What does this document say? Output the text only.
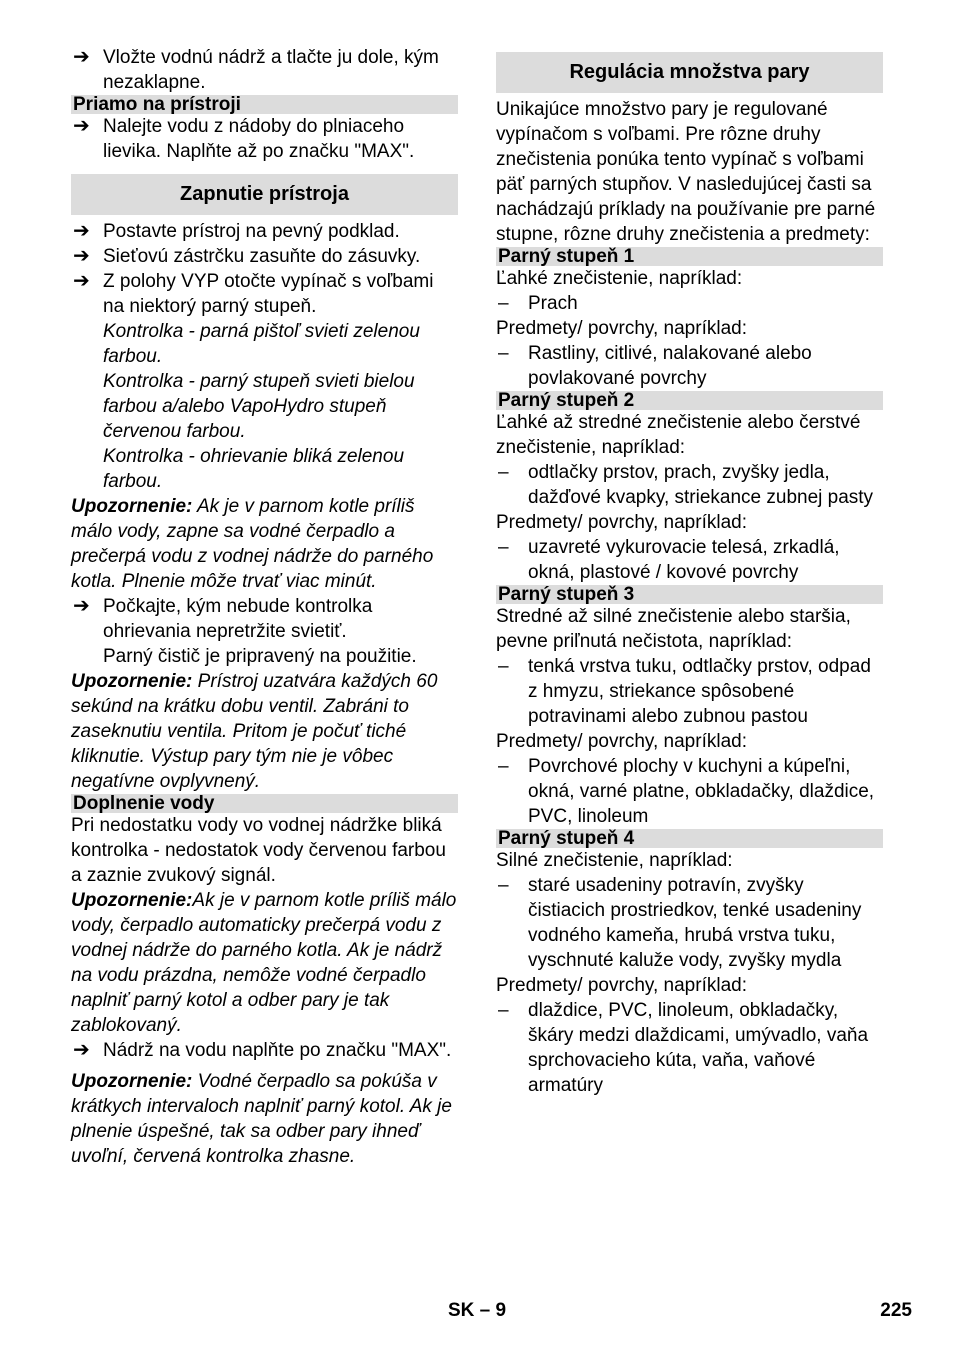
➔ Vložte vodnú nádrž a tlačte ju dole, kým nezaklapne.

Priamo na prístroji

➔ Nalejte vodu z nádoby do plniaceho lievika. Naplňte až po značku "MAX".

Zapnutie prístroja

➔ Postavte prístroj na pevný podklad.

➔ Sieťovú zástrčku zasuňte do zásuvky.

➔ Z polohy VYP otočte vypínač s voľbami na niektorý parný stupeň.

Kontrolka - parná pištoľ svieti zelenou farbou.

Kontrolka - parný stupeň svieti bielou farbou a/alebo VapoHydro stupeň červenou farbou.

Kontrolka - ohrievanie bliká zelenou farbou.

Upozornenie: Ak je v parnom kotle príliš málo vody, zapne sa vodné čerpadlo a prečerpá vodu z vodnej nádrže do parného kotla. Plnenie môže trvať viac minút.

➔ Počkajte, kým nebude kontrolka ohrievania nepretržite svietiť.

Parný čistič je pripravený na použitie.

Upozornenie: Prístroj uzatvára každých 60 sekúnd na krátku dobu ventil. Zabráni to zaseknutiu ventila. Pritom je počuť tiché kliknutie. Výstup pary tým nie je vôbec negatívne ovplyvnený.

Doplnenie vody

Pri nedostatku vody vo vodnej nádržke bliká kontrolka - nedostatok vody červenou farbou a zaznie zvukový signál.

Upozornenie:Ak je v parnom kotle príliš málo vody, čerpadlo automaticky prečerpá vodu z vodnej nádrže do parného kotla. Ak je nádrž na vodu prázdna, nemôže vodné čerpadlo naplniť parný kotol a odber pary je tak zablokovaný.

➔ Nádrž na vodu naplňte po značku "MAX".

Upozornenie: Vodné čerpadlo sa pokúša v krátkych intervaloch naplniť parný kotol. Ak je plnenie úspešné, tak sa odber pary ihneď uvoľní, červená kontrolka zhasne.

Regulácia množstva pary

Unikajúce množstvo pary je regulované vypínačom s voľbami. Pre rôzne druhy znečistenia ponúka tento vypínač s voľbami päť parných stupňov. V nasledujúcej časti sa nachádzajú príklady na používanie pre parné stupne, rôzne druhy znečistenia a predmety:

Parný stupeň 1

Ľahké znečistenie, napríklad:

– Prach

Predmety/ povrchy, napríklad:

– Rastliny, citlivé, nalakované alebo povlakované povrchy

Parný stupeň 2

Ľahké až stredné znečistenie alebo čerstvé znečistenie, napríklad:

– odtlačky prstov, prach, zvyšky jedla, dažďové kvapky, striekance zubnej pasty

Predmety/ povrchy, napríklad:

– uzavreté vykurovacie telesá, zrkadlá, okná, plastové / kovové povrchy

Parný stupeň 3

Stredné až silné znečistenie alebo staršia, pevne priľnutá nečistota, napríklad:

– tenká vrstva tuku, odtlačky prstov, odpad z hmyzu, striekance spôsobené potravinami alebo zubnou pastou

Predmety/ povrchy, napríklad:

– Povrchové plochy v kuchyni a kúpeľni, okná, varné platne, obkladačky, dlaždice, PVC, linoleum

Parný stupeň 4

Silné znečistenie, napríklad:

– staré usadeniny potravín, zvyšky čistiacich prostriedkov, tenké usadeniny vodného kameňa, hrubá vrstva tuku, vyschnuté kaluže vody, zvyšky mydla

Predmety/ povrchy, napríklad:

– dlaždice, PVC, linoleum, obkladačky, škáry medzi dlaždicami, umývadlo, vaňa sprchovacieho kúta, vaňa, vaňové armatúry

SK – 9	225
